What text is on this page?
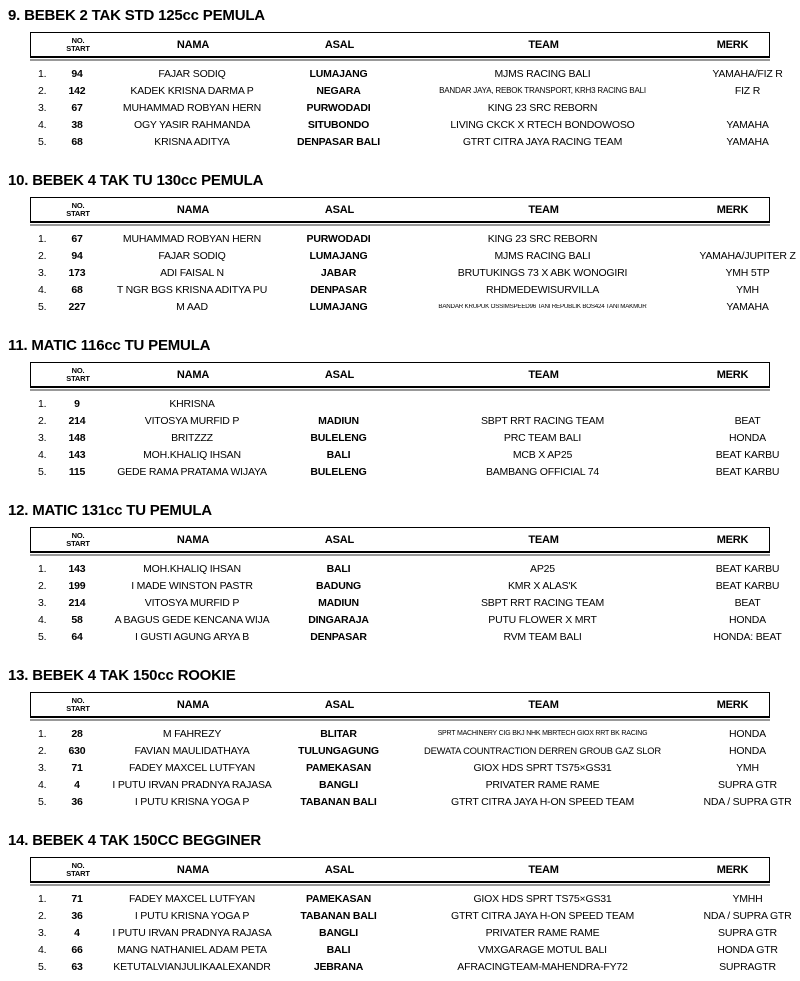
9. BEBEK 2 TAK STD 125cc PEMULA
NO.
START	NAMA	ASAL	TEAM	MERK
1.	94	FAJAR SODIQ	LUMAJANG	MJMS RACING BALI	YAMAHA/FIZ R
2.	142	KADEK KRISNA DARMA P	NEGARA	BANDAR JAYA, REBOK TRANSPORT, KRH3 RACING BALI	FIZ R
3.	67	MUHAMMAD ROBYAN HERN	PURWODADI	KING 23 SRC REBORN
4.	38	OGY YASIR RAHMANDA	SITUBONDO	LIVING CKCK X RTECH BONDOWOSO	YAMAHA
5.	68	KRISNA ADITYA	DENPASAR BALI	GTRT CITRA JAYA RACING TEAM	YAMAHA
10. BEBEK 4 TAK TU 130cc PEMULA
NO.
START	NAMA	ASAL	TEAM	MERK
1.	67	MUHAMMAD ROBYAN HERN	PURWODADI	KING 23 SRC REBORN
2.	94	FAJAR SODIQ	LUMAJANG	MJMS RACING BALI	YAMAHA/JUPITER Z
3.	173	ADI FAISAL N	JABAR	BRUTUKINGS 73 X ABK WONOGIRI	YMH 5TP
4.	68	T NGR BGS KRISNA ADITYA PU	DENPASAR	RHDMEDEWISURVILLA	YMH
5.	227	M AAD	LUMAJANG	BANDAR KRUPUK OSSIMSPEED96 TANI REPUBLIK BOS424 TANI MAKMUR	YAMAHA
11. MATIC 116cc TU PEMULA
NO.
START	NAMA	ASAL	TEAM	MERK
1.	9	KHRISNA
2.	214	VITOSYA MURFID P	MADIUN	SBPT RRT RACING TEAM	BEAT
3.	148	BRITZZZ	BULELENG	PRC TEAM BALI	HONDA
4.	143	MOH.KHALIQ IHSAN	BALI	MCB X AP25	BEAT KARBU
5.	115	GEDE RAMA PRATAMA WIJAYA	BULELENG	BAMBANG OFFICIAL 74	BEAT KARBU
12. MATIC 131cc TU PEMULA
NO.
START	NAMA	ASAL	TEAM	MERK
1.	143	MOH.KHALIQ IHSAN	BALI	AP25	BEAT KARBU
2.	199	I MADE WINSTON PASTR	BADUNG	KMR X ALAS'K	BEAT KARBU
3.	214	VITOSYA MURFID P	MADIUN	SBPT RRT RACING TEAM	BEAT
4.	58	A BAGUS GEDE KENCANA WIJA	DINGARAJA	PUTU FLOWER X MRT	HONDA
5.	64	I GUSTI AGUNG ARYA B	DENPASAR	RVM TEAM BALI	HONDA: BEAT
13. BEBEK 4 TAK 150cc ROOKIE
NO.
START	NAMA	ASAL	TEAM	MERK
1.	28	M FAHREZY	BLITAR	SPRT MACHINERY CIG BKJ NHK MBRTECH GIOX RRT BK RACING	HONDA
2.	630	FAVIAN MAULIDATHAYA	TULUNGAGUNG	DEWATA COUNTRACTION DERREN GROUB GAZ SLOR	HONDA
3.	71	FADEY MAXCEL LUTFYAN	PAMEKASAN	GIOX HDS SPRT TS75×GS31	YMH
4.	4	I PUTU IRVAN PRADNYA RAJASA	BANGLI	PRIVATER RAME RAME	SUPRA GTR
5.	36	I PUTU KRISNA YOGA P	TABANAN BALI	GTRT CITRA JAYA H-ON SPEED TEAM	NDA / SUPRA GTR
14. BEBEK 4 TAK 150CC BEGGINER
NO.
START	NAMA	ASAL	TEAM	MERK
1.	71	FADEY MAXCEL LUTFYAN	PAMEKASAN	GIOX HDS SPRT TS75×GS31	YMHH
2.	36	I PUTU KRISNA YOGA P	TABANAN BALI	GTRT CITRA JAYA H-ON SPEED TEAM	NDA / SUPRA GTR
3.	4	I PUTU IRVAN PRADNYA RAJASA	BANGLI	PRIVATER RAME RAME	SUPRA GTR
4.	66	MANG NATHANIEL ADAM PETA	BALI	VMXGARAGE MOTUL BALI	HONDA GTR
5.	63	KETUTALVIANJULIKAALEXANDR	JEBRANA	AFRACINGTEAM-MAHENDRA-FY72	SUPRAGTR
